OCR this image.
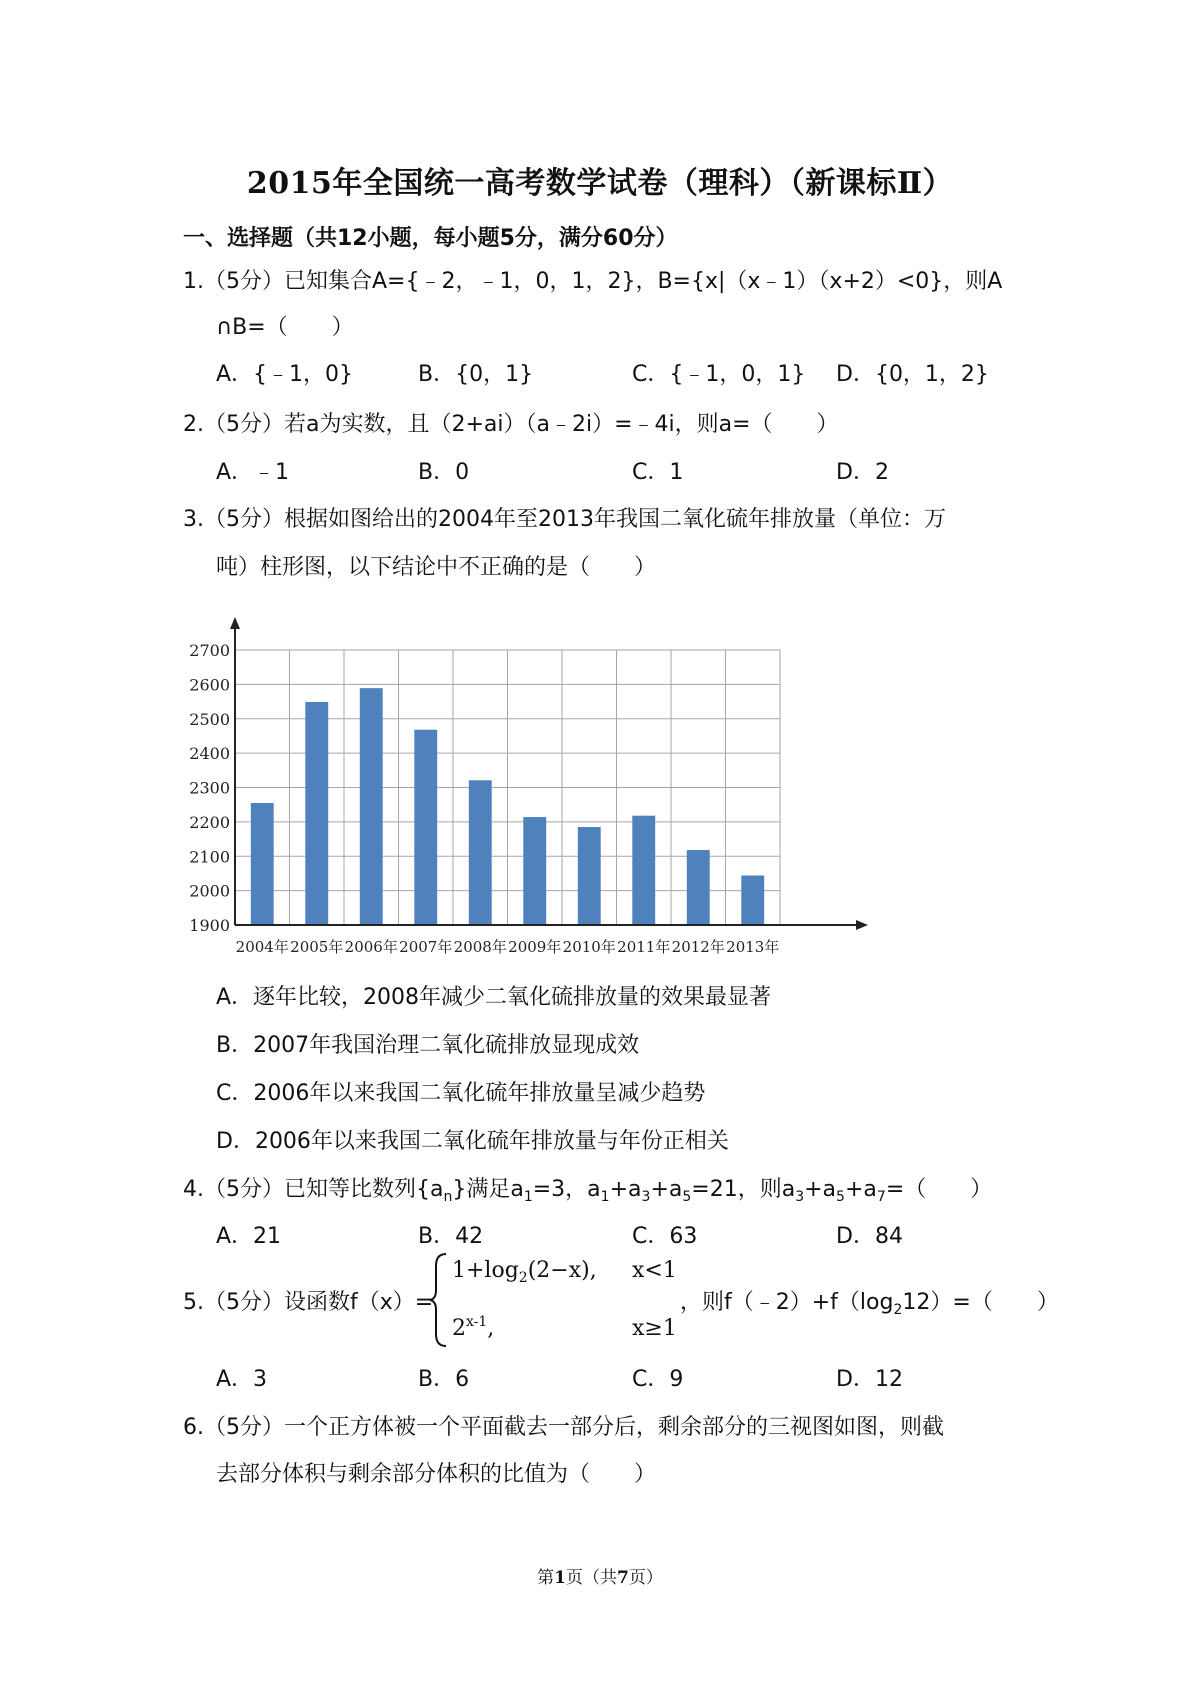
2015年全国统一高考数学试卷（理科）（新课标Ⅱ）
一、选择题（共12小题，每小题5分，满分60分）
1.（5分）已知集合A={﹣2，﹣1，0，1，2}，B={x|（x﹣1）（x+2）<0}，则A
∩B=（　　）
A．{﹣1，0}	B．{0，1}	C．{﹣1，0，1} D．{0，1，2}
2.（5分）若a为实数，且（2+ai）（a﹣2i）=﹣4i，则a=（　　）
A．﹣1	B．0	C．1	D．2
3.（5分）根据如图给出的2004年至2013年我国二氧化硫年排放量（单位：万
吨）柱形图，以下结论中不正确的是（　　）
1900
2000
2100
2200
2300
2400
2500
2600
2700
2004年 2005年 2006年 2007年 2008年 2009年 2010年 2011年 2012年 2013年
A．逐年比较，2008年减少二氧化硫排放量的效果最显著
B．2007年我国治理二氧化硫排放显现成效
C．2006年以来我国二氧化硫年排放量呈减少趋势
D．2006年以来我国二氧化硫年排放量与年份正相关
4.（5分）已知等比数列$\{a_n\}$满足$a_1=3$，$a_1+a_3+a_5=21$，则$a_3+a_5+a_7=$（　　）
A．21	B．42	C．63	D．84
5.（5分）设函数f（x）=
$1+\log_2(2-x)$, x<1
2$^{x-1}$,	x≥1
，则$f(﹣2)+f(\log_212)=$（　　）
A．3	B．6	C．9	D．12
6.（5分）一个正方体被一个平面截去一部分后，剩余部分的三视图如图，则截
去部分体积与剩余部分体积的比值为（　　）
第1页（共7页）
